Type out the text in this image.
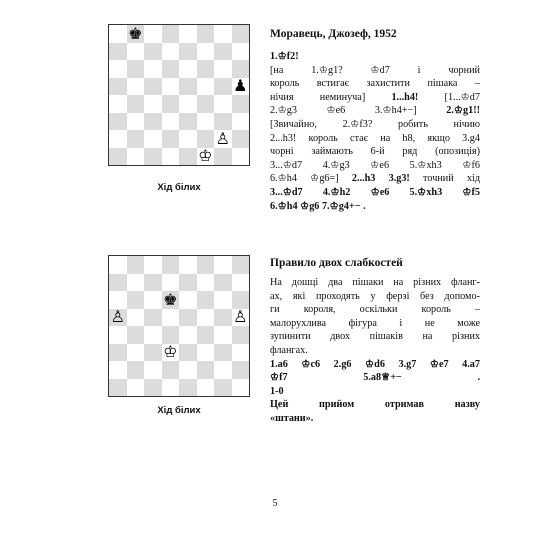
♚
♟
♙
♔
Хід білих
Моравець, Джозеф, 1952
1.♔f2!
[на 1.♔g1? ♔d7 і чорний
король встигає захистити пішака –
нічия неминуча] 1...h4! [1...♔d7
2.♔g3 ♔e6 3.♔h4+−] 2.♔g1!!
[Звичайно, 2.♔f3? робить нічию
2...h3! король стає на h8, якщо 3.g4
чорні займають 6-й ряд (опозиція)
3...♔d7 4.♔g3 ♔e6 5.♔xh3 ♔f6
6.♔h4 ♔g6=] 2...h3 3.g3! точний хід
3...♔d7 4.♔h2 ♔e6 5.♔xh3 ♔f5
6.♔h4 ♔g6 7.♔g4+− .
♚
♙	♙
♔
Хід білих
Правило двох слабкостей
На дошці два пішаки на різних фланг-
ах, які проходять у ферзі без допомо-
ги короля, оскільки король –
малорухлива фігура і не може
зупинити двох пішаків на різних
флангах.
1.a6 ♔c6 2.g6 ♔d6 3.g7 ♔e7 4.a7
♔f7 5.a8♕+− .
1-0
Цей прийом отримав назву
«штани».
5
